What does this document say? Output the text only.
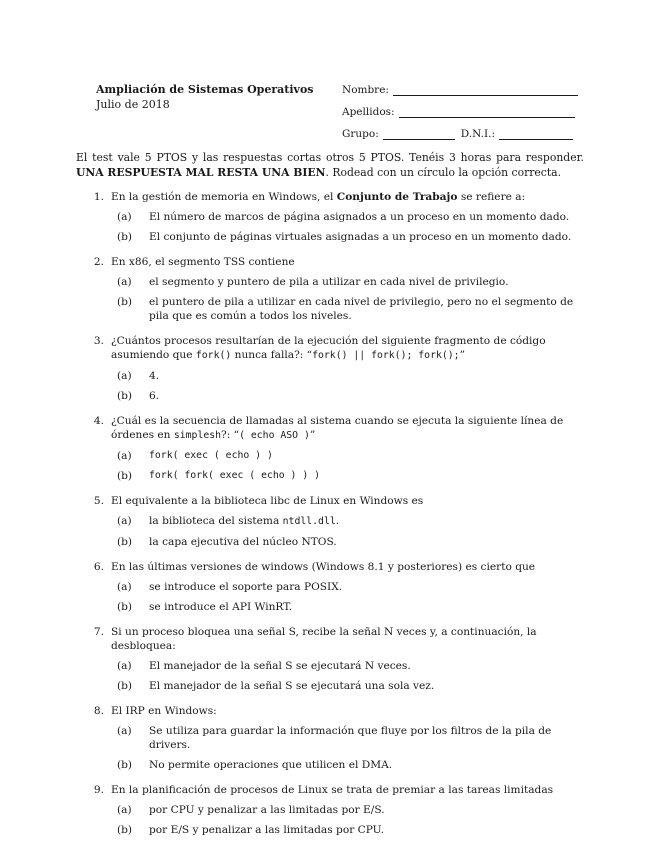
Ampliación de Sistemas Operativos
Julio de 2018
Nombre:
Apellidos:
Grupo:	D.N.I.:
El test vale 5 PTOS y las respuestas cortas otros 5 PTOS. Tenéis 3 horas para responder. UNA RESPUESTA MAL RESTA UNA BIEN. Rodead con un círculo la opción correcta.
1. En la gestión de memoria en Windows, el Conjunto de Trabajo se refiere a:
(a)	El número de marcos de página asignados a un proceso en un momento dado.
(b)	El conjunto de páginas virtuales asignadas a un proceso en un momento dado.
2. En x86, el segmento TSS contiene
(a)	el segmento y puntero de pila a utilizar en cada nivel de privilegio.
(b)	el puntero de pila a utilizar en cada nivel de privilegio, pero no el segmento de pila que es común a todos los niveles.
3. ¿Cuántos procesos resultarían de la ejecución del siguiente fragmento de código asumiendo que fork() nunca falla?: “fork() || fork(); fork();”
(a)	4.
(b)	6.
4. ¿Cuál es la secuencia de llamadas al sistema cuando se ejecuta la siguiente línea de órdenes en simplesh?: “( echo ASO )”
(a)	fork( exec ( echo ) )
(b)	fork( fork( exec ( echo ) ) )
5. El equivalente a la biblioteca libc de Linux en Windows es
(a)	la biblioteca del sistema ntdll.dll.
(b)	la capa ejecutiva del núcleo NTOS.
6. En las últimas versiones de windows (Windows 8.1 y posteriores) es cierto que
(a)	se introduce el soporte para POSIX.
(b)	se introduce el API WinRT.
7. Si un proceso bloquea una señal S, recibe la señal N veces y, a continuación, la desbloquea:
(a)	El manejador de la señal S se ejecutará N veces.
(b)	El manejador de la señal S se ejecutará una sola vez.
8. El IRP en Windows:
(a)	Se utiliza para guardar la información que fluye por los filtros de la pila de drivers.
(b)	No permite operaciones que utilicen el DMA.
9. En la planificación de procesos de Linux se trata de premiar a las tareas limitadas
(a)	por CPU y penalizar a las limitadas por E/S.
(b)	por E/S y penalizar a las limitadas por CPU.
